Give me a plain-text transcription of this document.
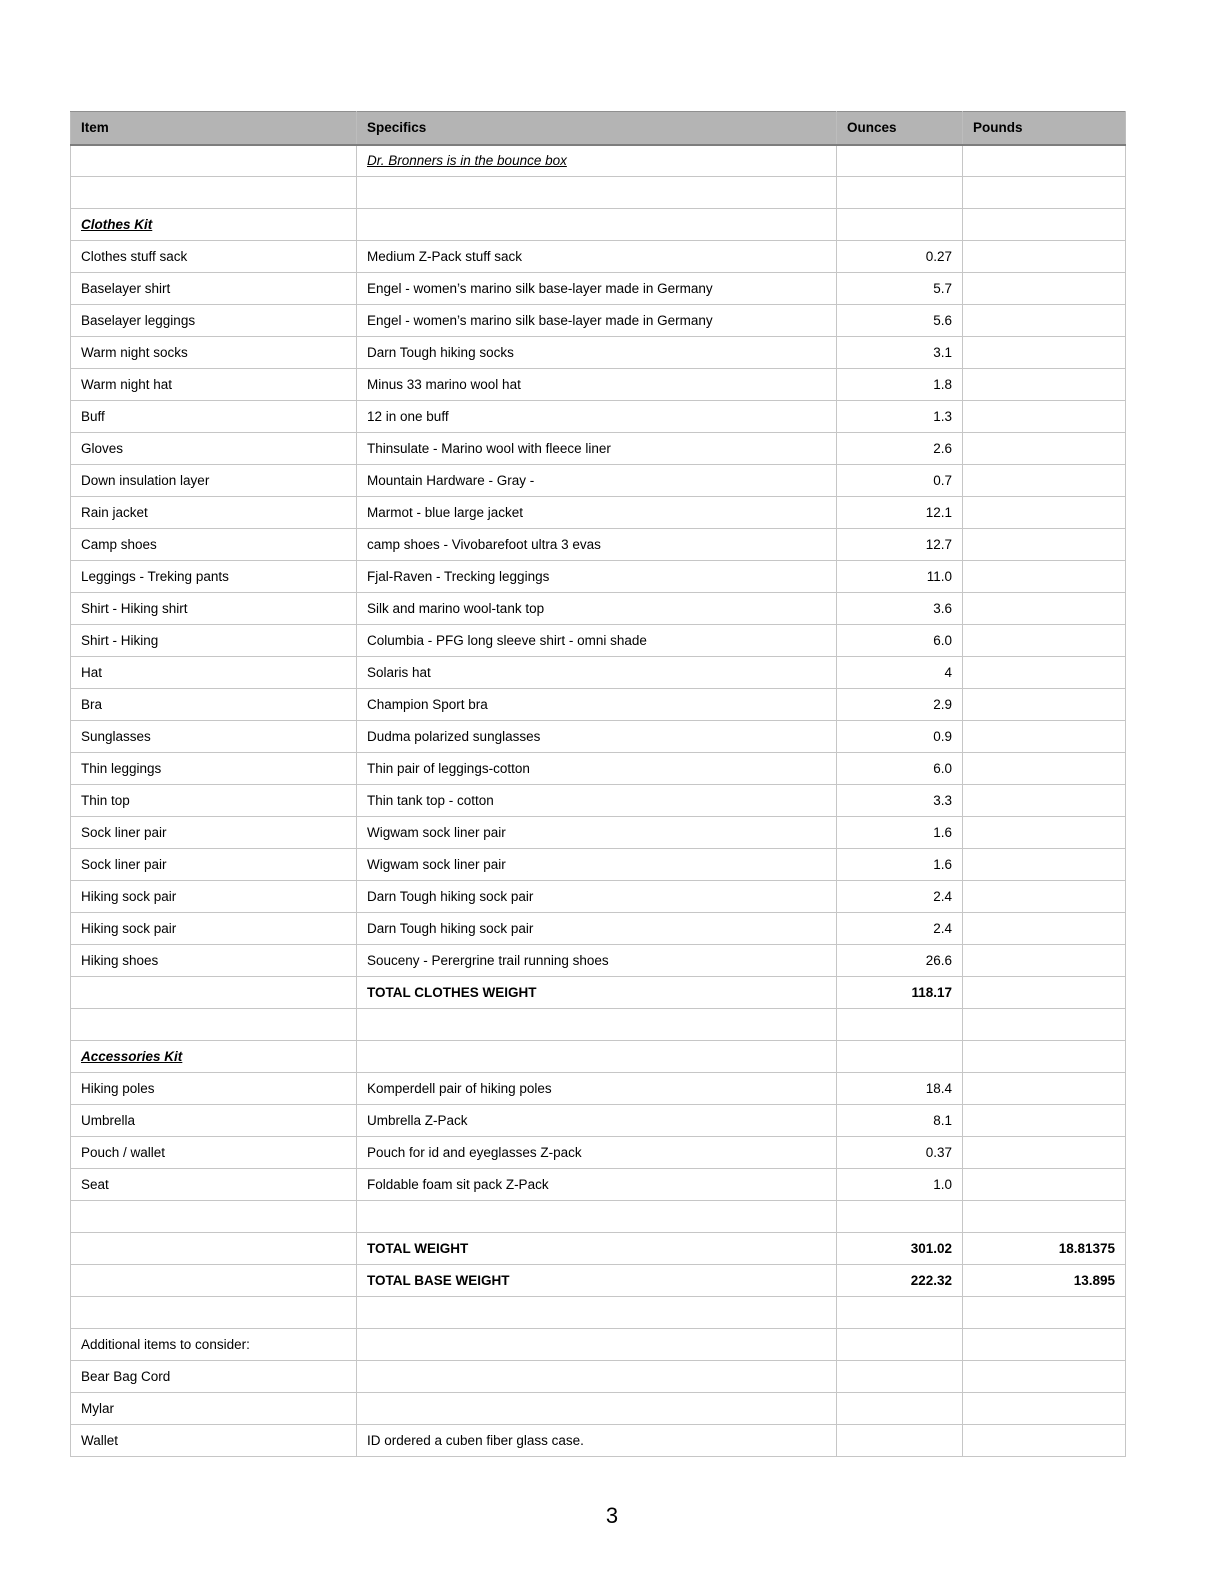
Item	Specifics	Ounces	Pounds
	Dr. Bronners is in the bounce box		

Clothes Kit			
Clothes stuff sack	Medium Z-Pack stuff sack	0.27	
Baselayer shirt	Engel - women’s marino silk base-layer made in Germany	5.7	
Baselayer leggings	Engel - women’s marino silk base-layer made in Germany	5.6	
Warm night socks	Darn Tough hiking socks	3.1	
Warm night hat	Minus 33 marino wool hat	1.8	
Buff	12 in one buff	1.3	
Gloves	Thinsulate - Marino wool with fleece liner	2.6	
Down insulation layer	Mountain Hardware - Gray -	0.7	
Rain jacket	Marmot - blue large jacket	12.1	
Camp shoes	camp shoes - Vivobarefoot ultra 3 evas	12.7	
Leggings - Treking pants	Fjal-Raven - Trecking leggings	11.0	
Shirt - Hiking shirt	Silk and marino wool-tank top	3.6	
Shirt - Hiking	Columbia - PFG long sleeve shirt - omni shade	6.0	
Hat	Solaris hat	4	
Bra	Champion Sport bra	2.9	
Sunglasses	Dudma polarized sunglasses	0.9	
Thin leggings	Thin pair of leggings-cotton	6.0	
Thin top	Thin tank top - cotton	3.3	
Sock liner pair	Wigwam sock liner pair	1.6	
Sock liner pair	Wigwam sock liner pair	1.6	
Hiking sock pair	Darn Tough hiking sock pair	2.4	
Hiking sock pair	Darn Tough hiking sock pair	2.4	
Hiking shoes	Souceny - Perergrine trail running shoes	26.6	
	TOTAL CLOTHES WEIGHT	118.17	

Accessories Kit			
Hiking poles	Komperdell pair of hiking poles	18.4	
Umbrella	Umbrella Z-Pack	8.1	
Pouch / wallet	Pouch for id and eyeglasses Z-pack	0.37	
Seat	Foldable foam sit pack Z-Pack	1.0	

	TOTAL WEIGHT	301.02	18.81375
	TOTAL BASE WEIGHT	222.32	13.895

Additional items to consider:			
Bear Bag Cord			
Mylar			
Wallet	ID ordered a cuben fiber glass case.		
3
